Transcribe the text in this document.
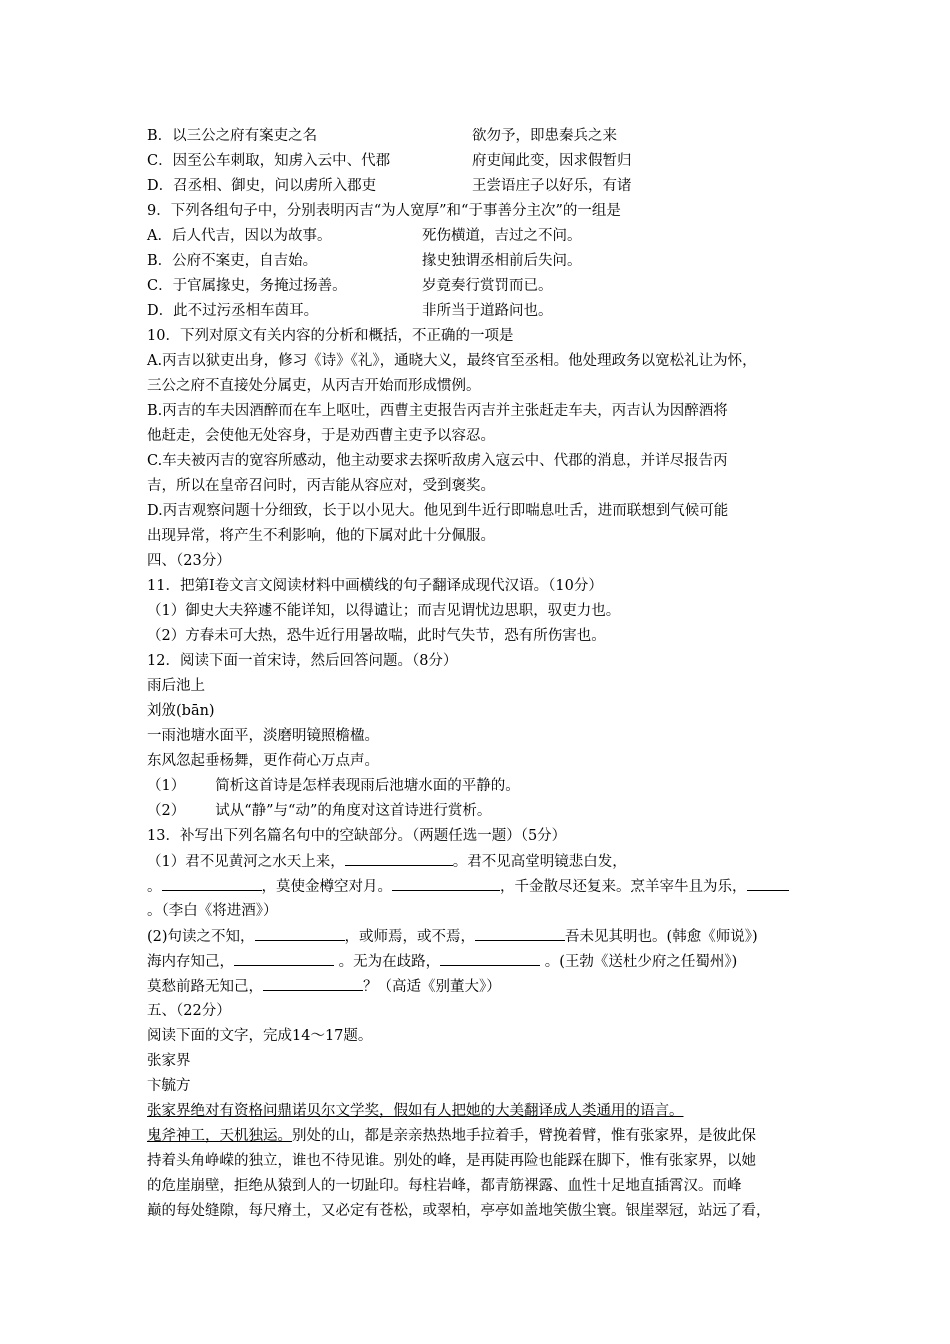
B．以三公之府有案吏之名	欲勿予，即患秦兵之来
C．因至公车刺取，知虏入云中、代郡	府吏闻此变，因求假暂归
D．召丞相、御史，问以虏所入郡吏	王尝语庄子以好乐，有诸
9．下列各组句子中，分别表明丙吉“为人宽厚”和“于事善分主次”的一组是
A．后人代吉，因以为故事。	死伤横道，吉过之不问。
B．公府不案吏，自吉始。	掾史独谓丞相前后失问。
C．于官属掾史，务掩过扬善。	岁竟奏行赏罚而已。
D．此不过污丞相车茵耳。	非所当于道路问也。
10．下列对原文有关内容的分析和概括，不正确的一项是
A.丙吉以狱吏出身，修习《诗》《礼》，通晓大义，最终官至丞相。他处理政务以宽松礼让为怀，
三公之府不直接处分属吏，从丙吉开始而形成惯例。
B.丙吉的车夫因酒醉而在车上呕吐，西曹主吏报告丙吉并主张赶走车夫，丙吉认为因醉酒将
他赶走，会使他无处容身，于是劝西曹主吏予以容忍。
C.车夫被丙吉的宽容所感动，他主动要求去探听敌虏入寇云中、代郡的消息，并详尽报告丙
吉，所以在皇帝召问时，丙吉能从容应对，受到褒奖。
D.丙吉观察问题十分细致，长于以小见大。他见到牛近行即喘息吐舌，进而联想到气候可能
出现异常，将产生不利影响，他的下属对此十分佩服。
四、（23分）
11．把第Ⅰ卷文言文阅读材料中画横线的句子翻译成现代汉语。（10分）
（1）御史大夫猝遽不能详知，以得谴让；而吉见谓忧边思职，驭吏力也。
（2）方春未可大热，恐牛近行用暑故喘，此时气失节，恐有所伤害也。
12．阅读下面一首宋诗，然后回答问题。（8分）
雨后池上
刘攽(bān)
一雨池塘水面平，淡磨明镜照檐楹。
东风忽起垂杨舞，更作荷心万点声。
（1） 简析这首诗是怎样表现雨后池塘水面的平静的。
（2） 试从“静”与“动”的角度对这首诗进行赏析。
13．补写出下列名篇名句中的空缺部分。（两题任选一题）（5分）
（1）君不见黄河之水天上来，	。君不见高堂明镜悲白发，
。	，莫使金樽空对月。	，千金散尽还复来。烹羊宰牛且为乐，
。（李白《将进酒》）
(2)句读之不知，	，或师焉，或不焉，	吾未见其明也。(韩愈《师说》)
海内存知己，	。无为在歧路，	。(王勃《送杜少府之任蜀州》)
莫愁前路无知己，	？（高适《别董大》）
五、（22分）
阅读下面的文字，完成14～17题。
张家界
卞毓方
张家界绝对有资格问鼎诺贝尔文学奖，假如有人把她的大美翻译成人类通用的语言。
鬼斧神工，天机独运。别处的山，都是亲亲热热地手拉着手，臂挽着臂，惟有张家界，是彼此保
持着头角峥嵘的独立，谁也不待见谁。别处的峰，是再陡再险也能踩在脚下，惟有张家界，以她
的危崖崩壁，拒绝从猿到人的一切趾印。每柱岩峰，都青筋裸露、血性十足地直插霄汉。而峰
巅的每处缝隙，每尺瘠土，又必定有苍松，或翠柏，亭亭如盖地笑傲尘寰。银崖翠冠，站远了看，
